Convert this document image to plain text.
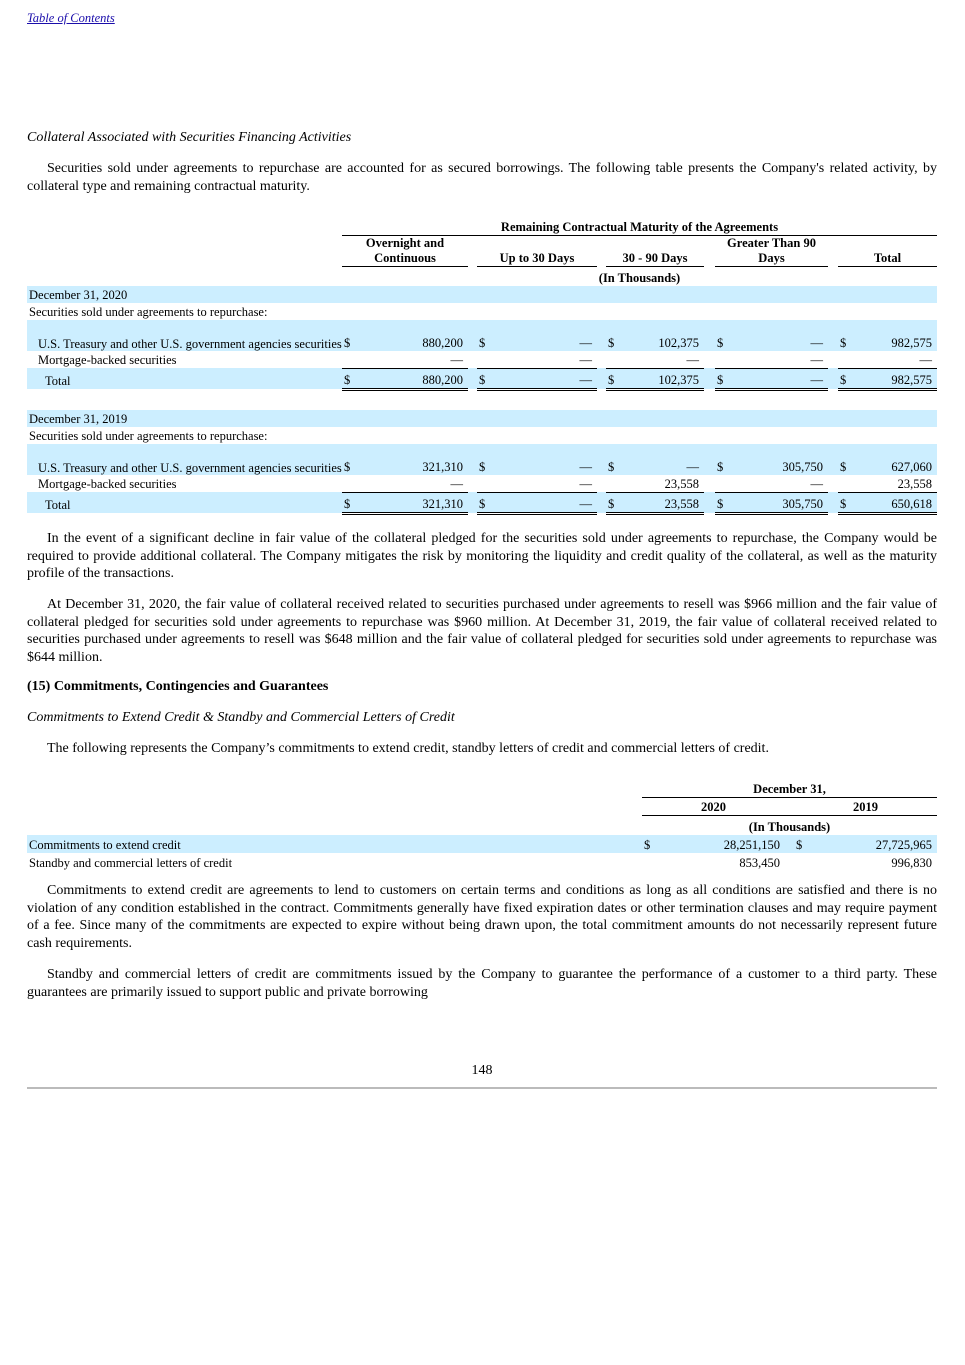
Table of Contents
Collateral Associated with Securities Financing Activities

Securities sold under agreements to repurchase are accounted for as secured borrowings. The following table presents the Company's related activity, by collateral type and remaining contractual maturity.

	Remaining Contractual Maturity of the Agreements													
	Overnight and Continuous			Up to 30 Days			30 - 90 Days			Greater Than 90 Days			Total	
	(In Thousands)													
December 31, 2020														
Securities sold under agreements to repurchase:														
U.S. Treasury and other U.S. government agencies securities	$	880,200		$	—		$	102,375		$	—		$	982,575
Mortgage-backed securities		—			—			—			—			—
Total	$	880,200		$	—		$	102,375		$	—		$	982,575

December 31, 2019														
Securities sold under agreements to repurchase:														
U.S. Treasury and other U.S. government agencies securities	$	321,310		$	—		$	—		$	305,750		$	627,060
Mortgage-backed securities		—			—			23,558			—			23,558
Total	$	321,310		$	—		$	23,558		$	305,750		$	650,618

In the event of a significant decline in fair value of the collateral pledged for the securities sold under agreements to repurchase, the Company would be required to provide additional collateral. The Company mitigates the risk by monitoring the liquidity and credit quality of the collateral, as well as the maturity profile of the transactions.

At December 31, 2020, the fair value of collateral received related to securities purchased under agreements to resell was $966 million and the fair value of collateral pledged for securities sold under agreements to repurchase was $960 million. At December 31, 2019, the fair value of collateral received related to securities purchased under agreements to resell was $648 million and the fair value of collateral pledged for securities sold under agreements to repurchase was $644 million.

(15) Commitments, Contingencies and Guarantees
Commitments to Extend Credit & Standby and Commercial Letters of Credit

The following represents the Company’s commitments to extend credit, standby letters of credit and commercial letters of credit.

	December 31,				
	2020			2019	
	(In Thousands)				
Commitments to extend credit	$	28,251,150		$	27,725,965
Standby and commercial letters of credit		853,450			996,830

Commitments to extend credit are agreements to lend to customers on certain terms and conditions as long as all conditions are satisfied and there is no violation of any condition established in the contract. Commitments generally have fixed expiration dates or other termination clauses and may require payment of a fee. Since many of the commitments are expected to expire without being drawn upon, the total commitment amounts do not necessarily represent future cash requirements.

Standby and commercial letters of credit are commitments issued by the Company to guarantee the performance of a customer to a third party. These guarantees are primarily issued to support public and private borrowing

148
